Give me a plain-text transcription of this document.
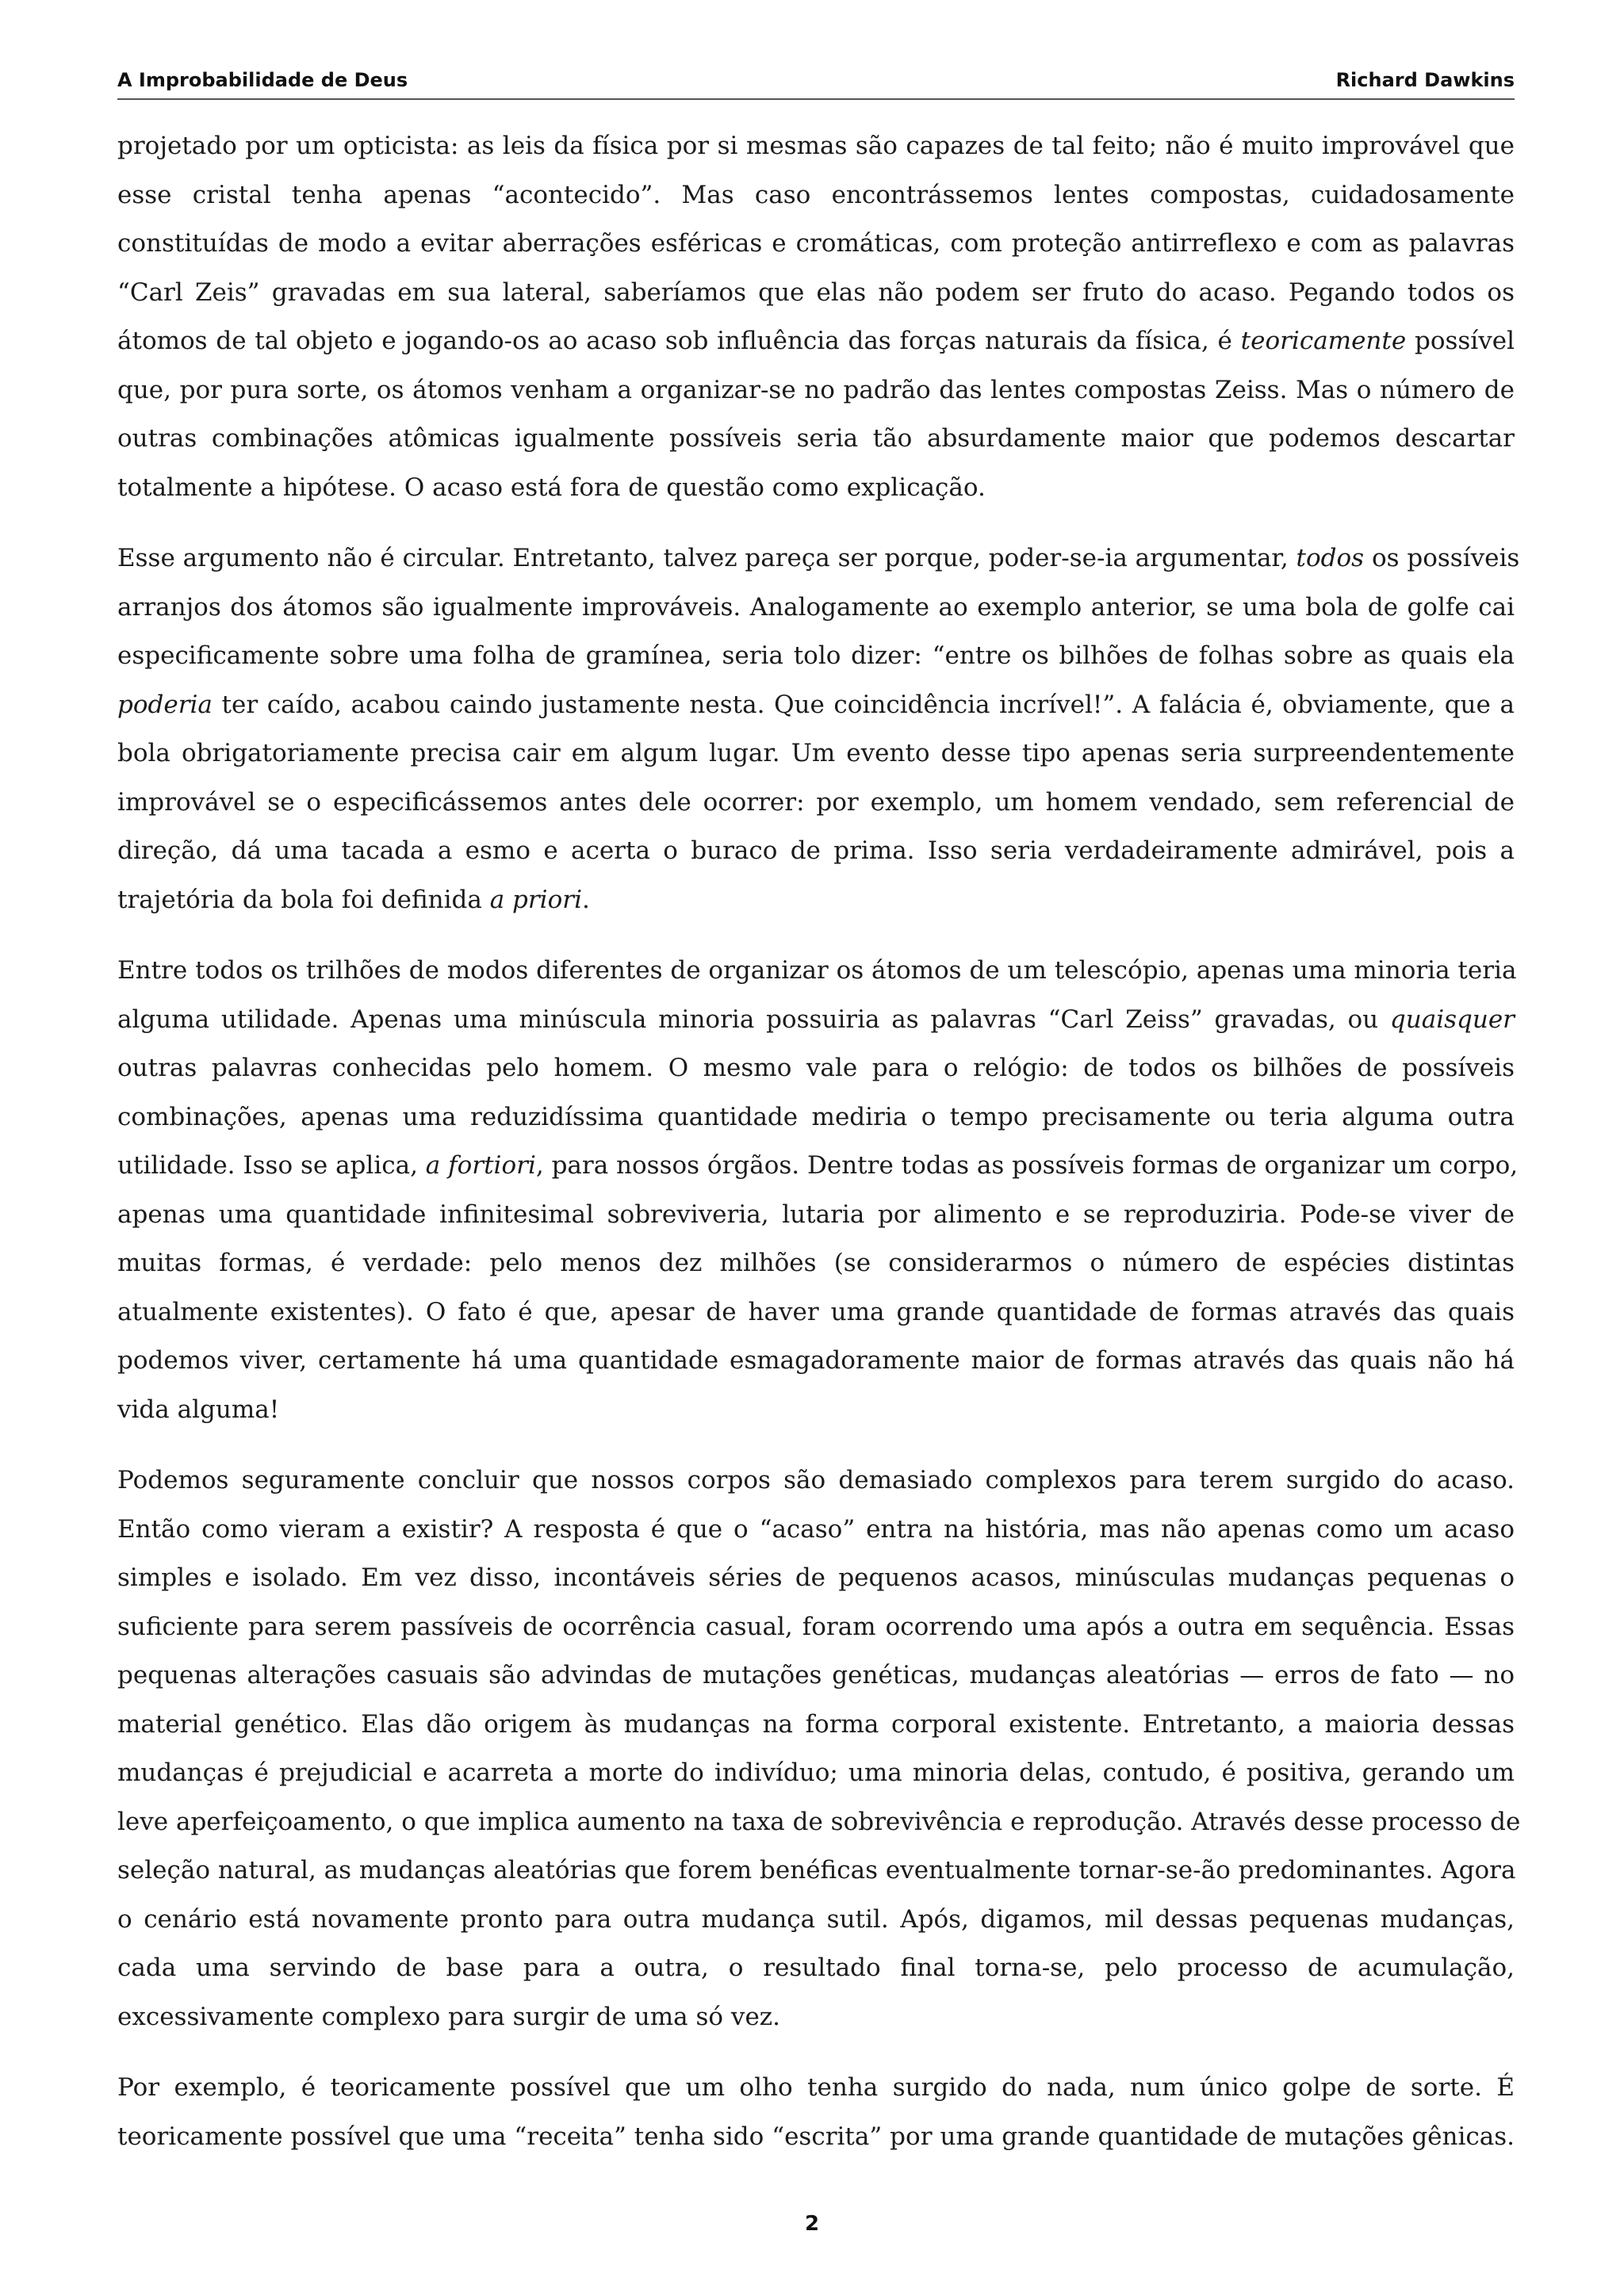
A Improbabilidade de Deus	Richard Dawkins

projetado por um opticista: as leis da física por si mesmas são capazes de tal feito; não é muito improvável que
esse cristal tenha apenas “acontecido”. Mas caso encontrássemos lentes compostas, cuidadosamente
constituídas de modo a evitar aberrações esféricas e cromáticas, com proteção antirreflexo e com as palavras
“Carl Zeis” gravadas em sua lateral, saberíamos que elas não podem ser fruto do acaso. Pegando todos os
átomos de tal objeto e jogando-os ao acaso sob influência das forças naturais da física, é teoricamente possível
que, por pura sorte, os átomos venham a organizar-se no padrão das lentes compostas Zeiss. Mas o número de
outras combinações atômicas igualmente possíveis seria tão absurdamente maior que podemos descartar
totalmente a hipótese. O acaso está fora de questão como explicação.

Esse argumento não é circular. Entretanto, talvez pareça ser porque, poder-se-ia argumentar, todos os possíveis
arranjos dos átomos são igualmente improváveis. Analogamente ao exemplo anterior, se uma bola de golfe cai
especificamente sobre uma folha de gramínea, seria tolo dizer: “entre os bilhões de folhas sobre as quais ela
poderia ter caído, acabou caindo justamente nesta. Que coincidência incrível!”. A falácia é, obviamente, que a
bola obrigatoriamente precisa cair em algum lugar. Um evento desse tipo apenas seria surpreendentemente
improvável se o especificássemos antes dele ocorrer: por exemplo, um homem vendado, sem referencial de
direção, dá uma tacada a esmo e acerta o buraco de prima. Isso seria verdadeiramente admirável, pois a
trajetória da bola foi definida a priori.

Entre todos os trilhões de modos diferentes de organizar os átomos de um telescópio, apenas uma minoria teria
alguma utilidade. Apenas uma minúscula minoria possuiria as palavras “Carl Zeiss” gravadas, ou quaisquer
outras palavras conhecidas pelo homem. O mesmo vale para o relógio: de todos os bilhões de possíveis
combinações, apenas uma reduzidíssima quantidade mediria o tempo precisamente ou teria alguma outra
utilidade. Isso se aplica, a fortiori, para nossos órgãos. Dentre todas as possíveis formas de organizar um corpo,
apenas uma quantidade infinitesimal sobreviveria, lutaria por alimento e se reproduziria. Pode-se viver de
muitas formas, é verdade: pelo menos dez milhões (se considerarmos o número de espécies distintas
atualmente existentes). O fato é que, apesar de haver uma grande quantidade de formas através das quais
podemos viver, certamente há uma quantidade esmagadoramente maior de formas através das quais não há
vida alguma!

Podemos seguramente concluir que nossos corpos são demasiado complexos para terem surgido do acaso.
Então como vieram a existir? A resposta é que o “acaso” entra na história, mas não apenas como um acaso
simples e isolado. Em vez disso, incontáveis séries de pequenos acasos, minúsculas mudanças pequenas o
suficiente para serem passíveis de ocorrência casual, foram ocorrendo uma após a outra em sequência. Essas
pequenas alterações casuais são advindas de mutações genéticas, mudanças aleatórias — erros de fato — no
material genético. Elas dão origem às mudanças na forma corporal existente. Entretanto, a maioria dessas
mudanças é prejudicial e acarreta a morte do indivíduo; uma minoria delas, contudo, é positiva, gerando um
leve aperfeiçoamento, o que implica aumento na taxa de sobrevivência e reprodução. Através desse processo de
seleção natural, as mudanças aleatórias que forem benéficas eventualmente tornar-se-ão predominantes. Agora
o cenário está novamente pronto para outra mudança sutil. Após, digamos, mil dessas pequenas mudanças,
cada uma servindo de base para a outra, o resultado final torna-se, pelo processo de acumulação,
excessivamente complexo para surgir de uma só vez.

Por exemplo, é teoricamente possível que um olho tenha surgido do nada, num único golpe de sorte. É
teoricamente possível que uma “receita” tenha sido “escrita” por uma grande quantidade de mutações gênicas.

2
